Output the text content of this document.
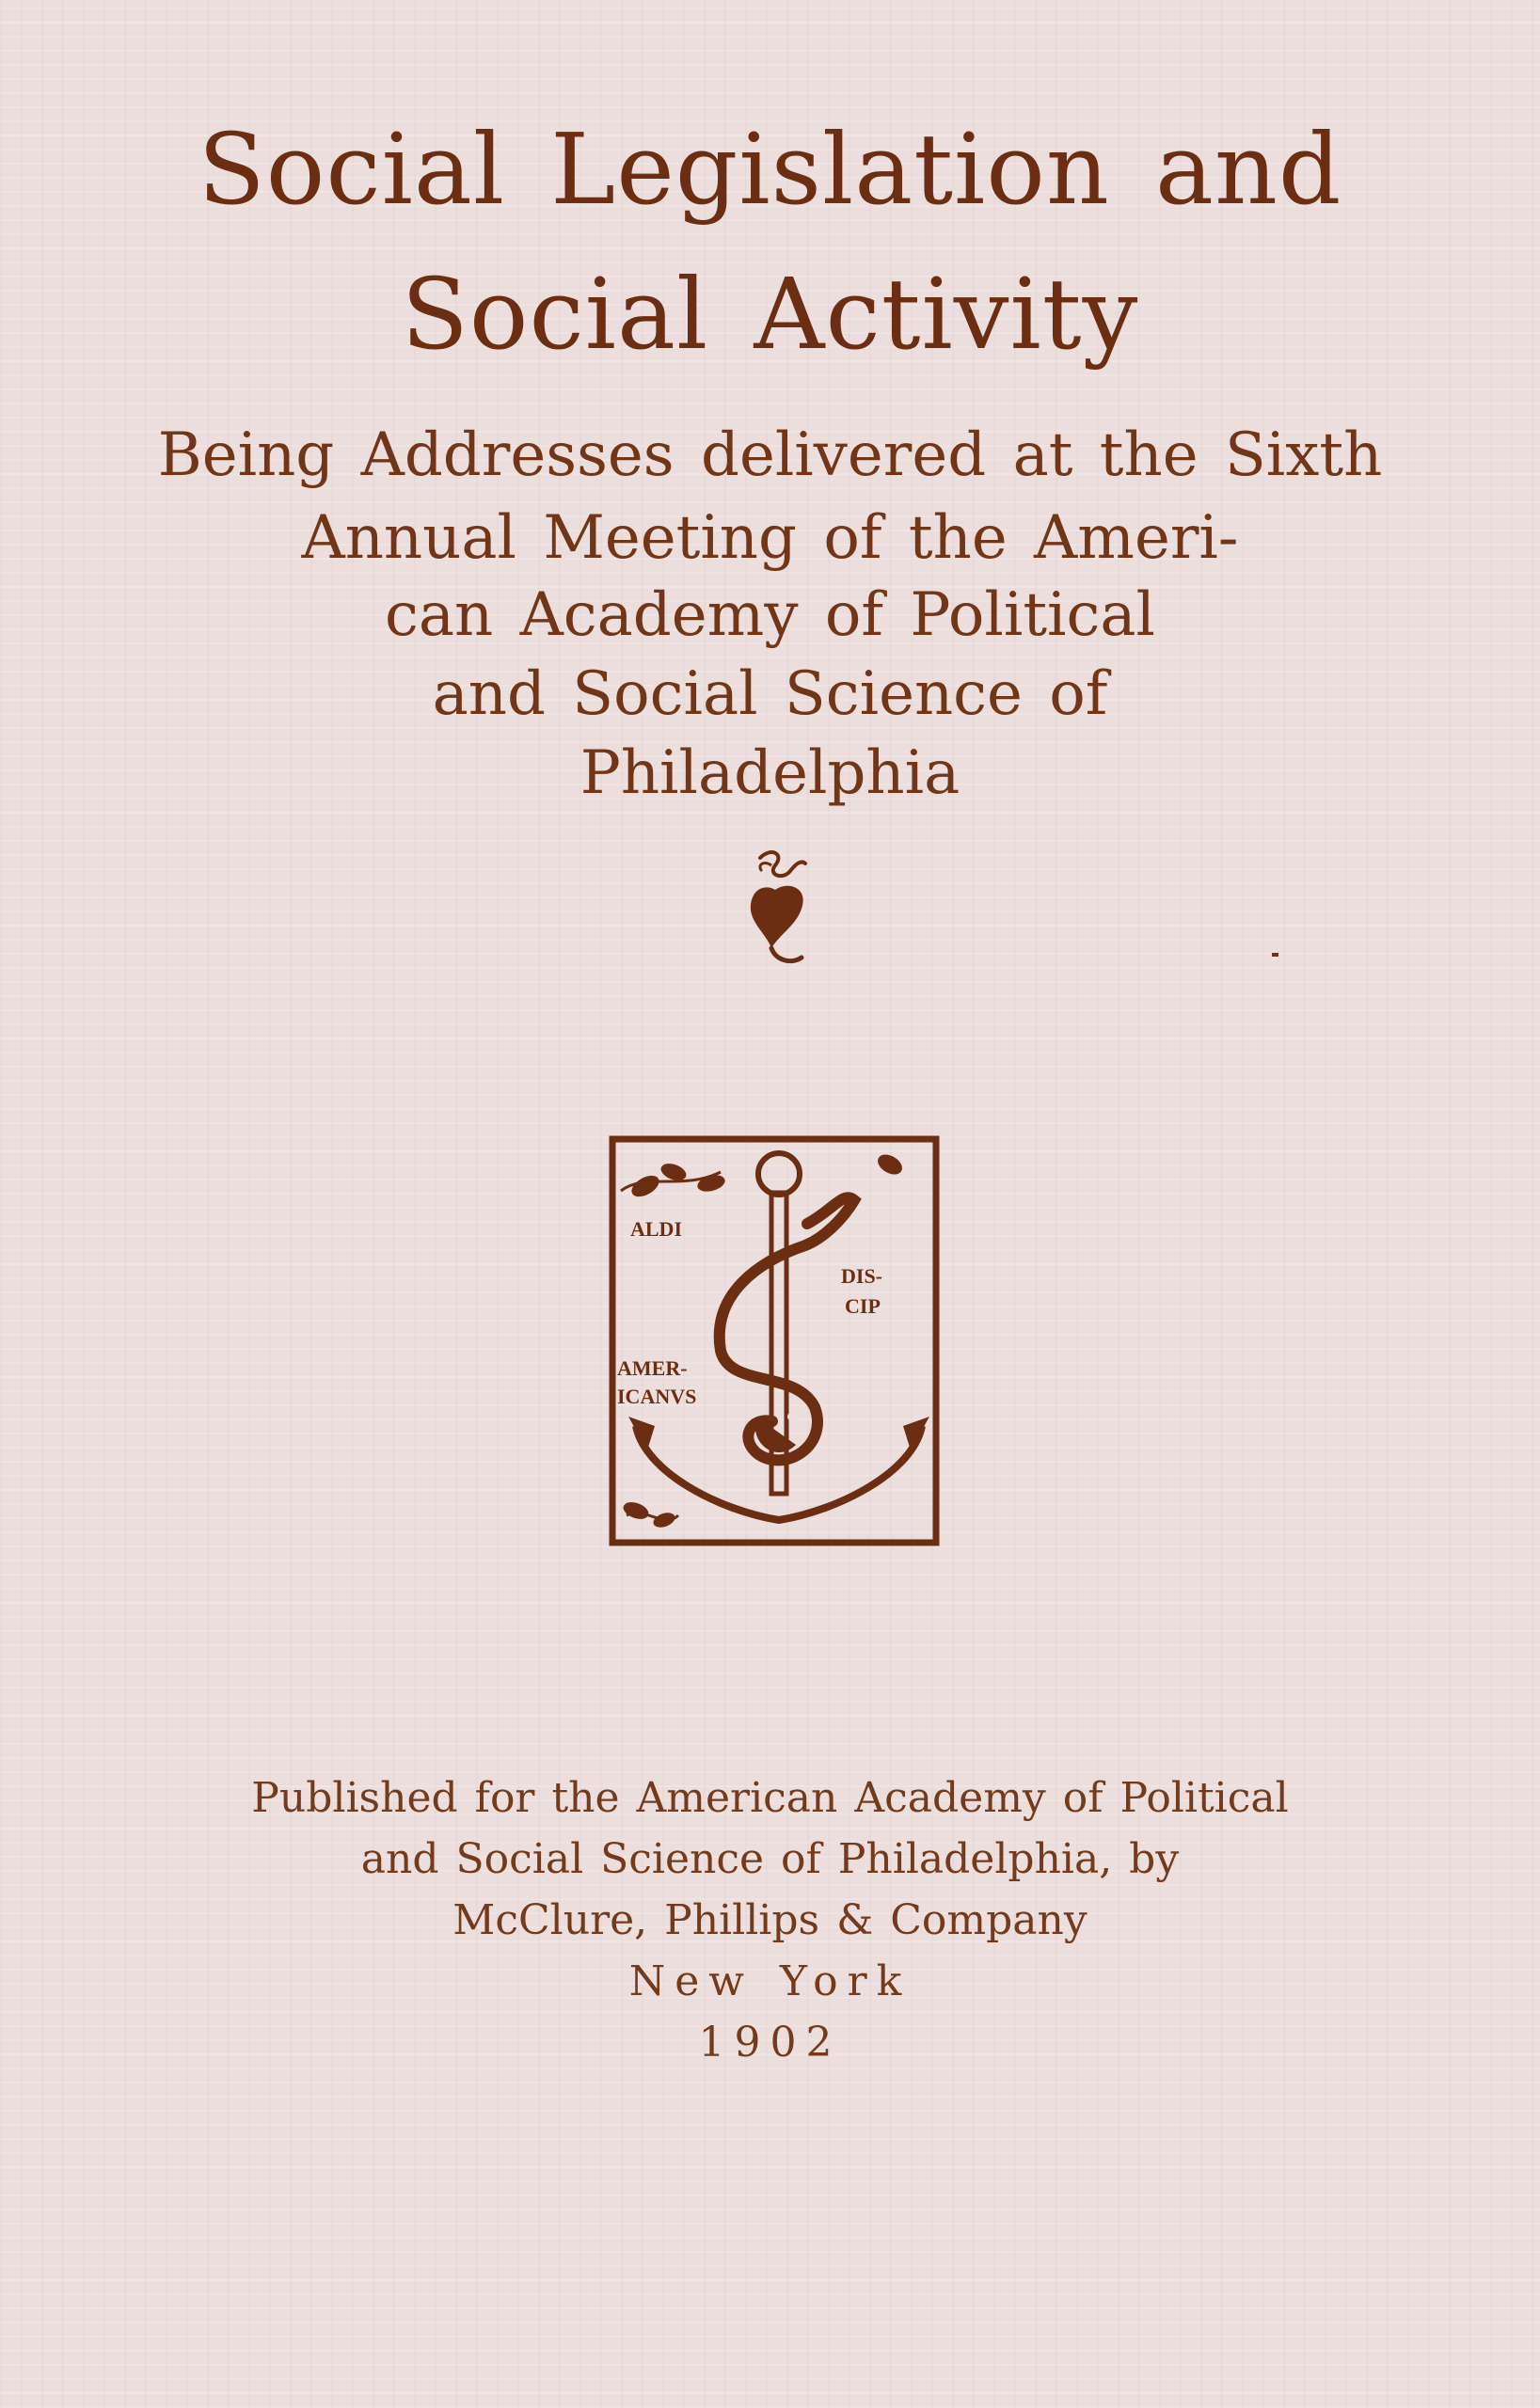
Social Legislation and
Social Activity
Being Addresses delivered at the Sixth
Annual Meeting of the Ameri-
can Academy of Political
and Social Science of
Philadelphia
ALDI
DIS-
CIP
AMER-
ICANVS
Published for the American Academy of Political
and Social Science of Philadelphia, by
McClure, Phillips & Company
New York
1902
